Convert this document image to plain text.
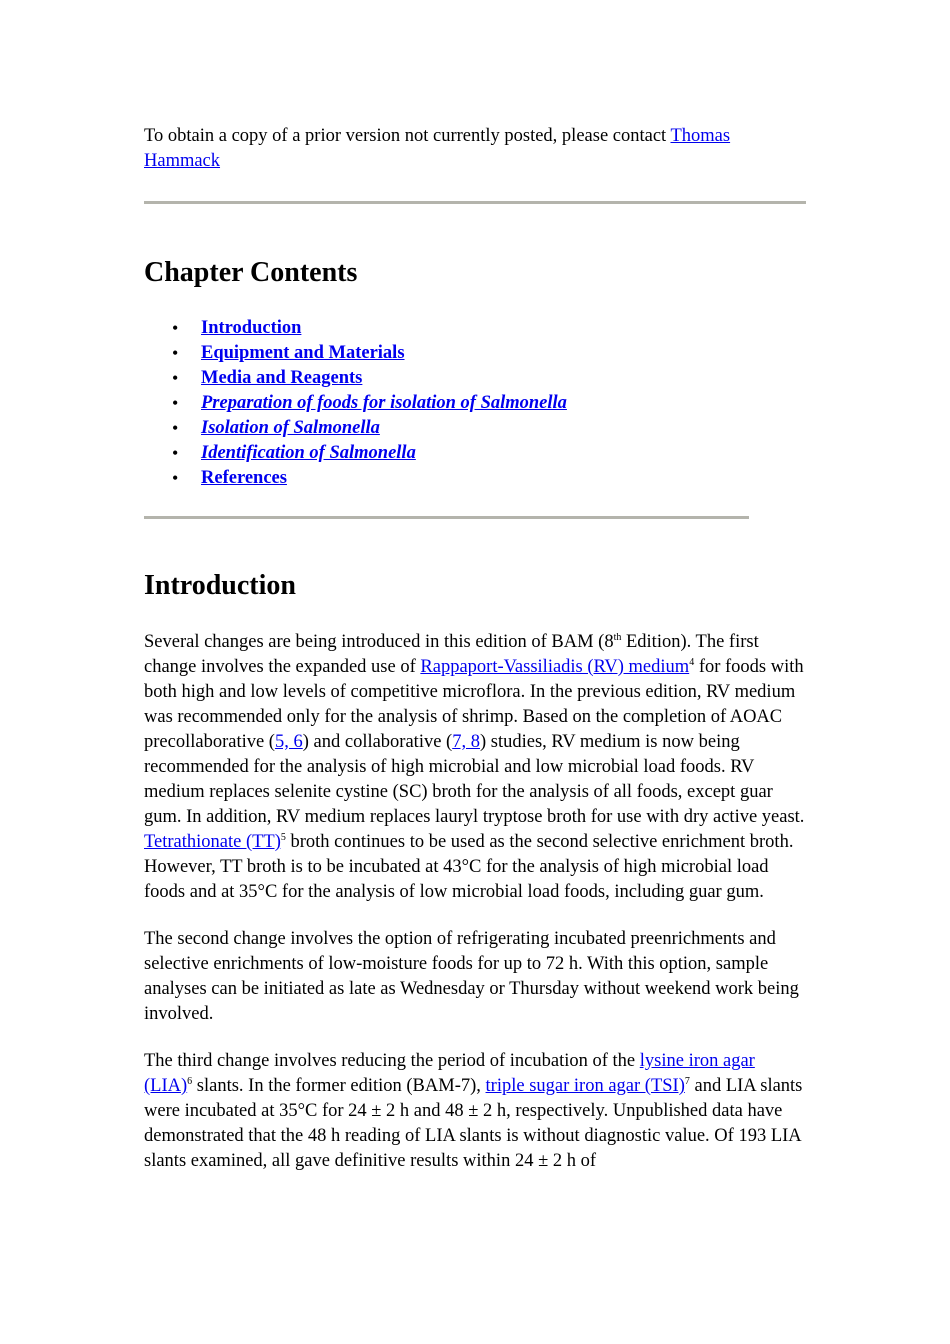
To obtain a copy of a prior version not currently posted, please contact Thomas Hammack

Chapter Contents
• Introduction
• Equipment and Materials
• Media and Reagents
• Preparation of foods for isolation of Salmonella
• Isolation of Salmonella
• Identification of Salmonella
• References
Introduction

Several changes are being introduced in this edition of BAM (8th Edition). The first change involves the expanded use of Rappaport-Vassiliadis (RV) medium$^4$ for foods with both high and low levels of competitive microflora. In the previous edition, RV medium was recommended only for the analysis of shrimp. Based on the completion of AOAC precollaborative (5, 6) and collaborative (7, 8) studies, RV medium is now being recommended for the analysis of high microbial and low microbial load foods. RV medium replaces selenite cystine (SC) broth for the analysis of all foods, except guar gum. In addition, RV medium replaces lauryl tryptose broth for use with dry active yeast. Tetrathionate (TT)$^5$ broth continues to be used as the second selective enrichment broth. However, TT broth is to be incubated at 43°C for the analysis of high microbial load foods and at 35°C for the analysis of low microbial load foods, including guar gum.

The second change involves the option of refrigerating incubated preenrichments and selective enrichments of low-moisture foods for up to 72 h. With this option, sample analyses can be initiated as late as Wednesday or Thursday without weekend work being involved.

The third change involves reducing the period of incubation of the lysine iron agar (LIA)$^6$ slants. In the former edition (BAM-7), triple sugar iron agar (TSI)$^7$ and LIA slants were incubated at 35°C for 24 ± 2 h and 48 ± 2 h, respectively. Unpublished data have demonstrated that the 48 h reading of LIA slants is without diagnostic value. Of 193 LIA slants examined, all gave definitive results within 24 ± 2 h of
